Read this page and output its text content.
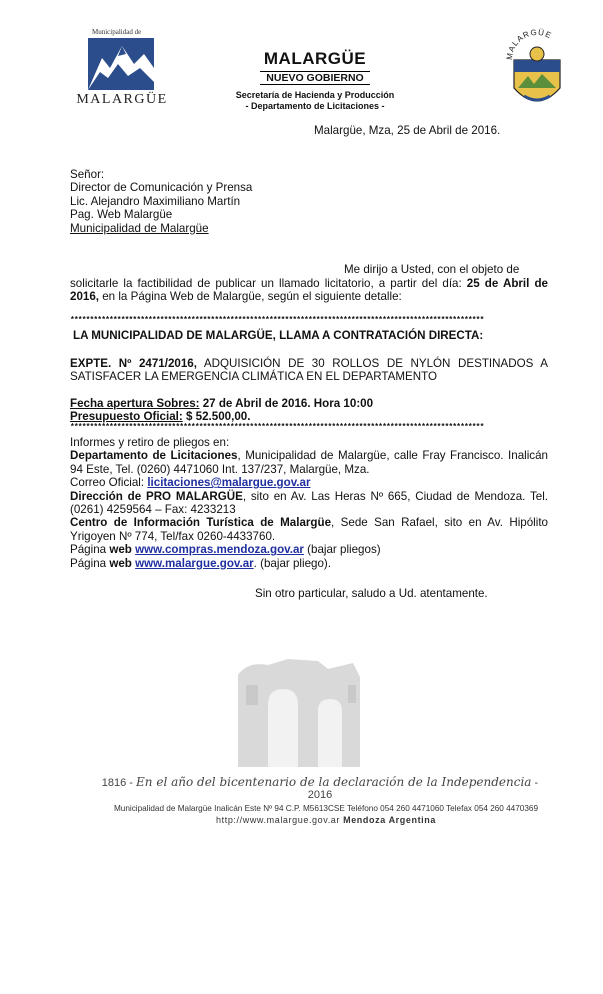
Municipalidad de
MALARGÜE
MALARGÜE
NUEVO GOBIERNO
Secretaría de Hacienda y Producción
- Departamento de Licitaciones -
MALARGÜE
Malargüe, Mza, 25 de Abril de 2016.
Señor:
Director de Comunicación y Prensa
Lic. Alejandro Maximiliano Martín
Pag. Web Malargüe
Municipalidad de Malargüe
Me dirijo a Usted, con el objeto de
solicitarle la factibilidad de publicar un llamado licitatorio, a partir del día: 25 de Abril de 2016, en la Página Web de Malargüe, según el siguiente detalle:
**********************************************************************************************************
LA MUNICIPALIDAD DE MALARGÜE, LLAMA A CONTRATACIÓN DIRECTA:
EXPTE. Nº 2471/2016, ADQUISICIÓN DE 30 ROLLOS DE NYLÓN DESTINADOS A SATISFACER LA EMERGENCIA CLIMÁTICA EN EL DEPARTAMENTO
Fecha apertura Sobres: 27 de Abril de 2016. Hora 10:00
Presupuesto Oficial: $ 52.500,00.
**********************************************************************************************************
Informes y retiro de pliegos en:
Departamento de Licitaciones, Municipalidad de Malargüe, calle Fray Francisco. Inalicán 94 Este, Tel. (0260) 4471060 Int. 137/237, Malargüe, Mza.
Correo Oficial: licitaciones@malargue.gov.ar
Dirección de PRO MALARGÜE, sito en Av. Las Heras Nº 665, Ciudad de Mendoza. Tel. (0261) 4259564 – Fax: 4233213
Centro de Información Turística de Malargüe, Sede San Rafael, sito en Av. Hipólito Yrigoyen Nº 774, Tel/fax 0260-4433760.
Página web www.compras.mendoza.gov.ar (bajar pliegos)
Página web www.malargue.gov.ar. (bajar pliego).
Sin otro particular, saludo a Ud. atentamente.
1816 - En el año del bicentenario de la declaración de la Independencia - 2016
Municipalidad de Malargüe Inalicán Este Nº 94 C.P. M5613CSE Teléfono 054 260 4471060 Telefax 054 260 4470369
http://www.malargue.gov.ar Mendoza Argentina
